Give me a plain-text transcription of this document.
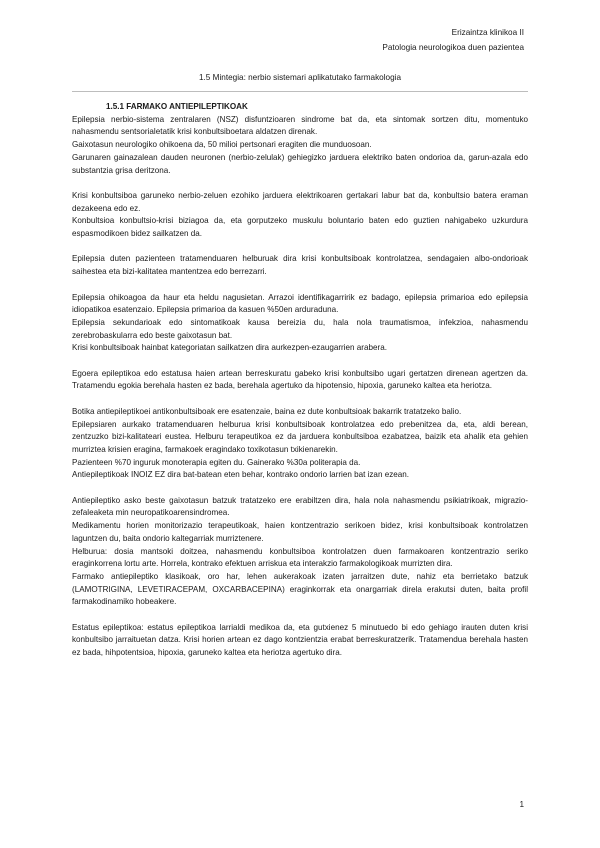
Erizaintza klinikoa II
Patologia neurologikoa duen pazientea
1.5 Mintegia: nerbio sistemari aplikatutako farmakologia
1.5.1 FARMAKO ANTIEPILEPTIKOAK

Epilepsia nerbio-sistema zentralaren (NSZ) disfuntzioaren sindrome bat da, eta sintomak sortzen ditu, momentuko nahasmendu sentsorialetatik krisi konbultsiboetara aldatzen direnak.

Gaixotasun neurologiko ohikoena da, 50 milioi pertsonari eragiten die munduosoan.

Garunaren gainazalean dauden neuronen (nerbio-zelulak) gehiegizko jarduera elektriko baten ondorioa da, garun-azala edo substantzia grisa deritzona.

Krisi konbultsiboa garuneko nerbio-zeluen ezohiko jarduera elektrikoaren gertakari labur bat da, konbultsio batera eraman dezakeena edo ez.

Konbultsioa konbultsio-krisi biziagoa da, eta gorputzeko muskulu boluntario baten edo guztien nahigabeko uzkurdura espasmodikoen bidez sailkatzen da.

Epilepsia duten pazienteen tratamenduaren helburuak dira krisi konbultsiboak kontrolatzea, sendagaien albo-ondorioak saihestea eta bizi-kalitatea mantentzea edo berrezarri.

Epilepsia ohikoagoa da haur eta heldu nagusietan. Arrazoi identifikagarririk ez badago, epilepsia primarioa edo epilepsia idiopatikoa esatenzaio. Epilepsia primarioa da kasuen %50en arduraduna.

Epilepsia sekundarioak edo sintomatikoak kausa bereizia du, hala nola traumatismoa, infekzioa, nahasmendu zerebrobaskularra edo beste gaixotasun bat.

Krisi konbultsiboak hainbat kategoriatan sailkatzen dira aurkezpen-ezaugarrien arabera.

Egoera epileptikoa edo estatusa haien artean berreskuratu gabeko krisi konbultsibo ugari gertatzen direnean agertzen da. Tratamendu egokia berehala hasten ez bada, berehala agertuko da hipotensio, hipoxia, garuneko kaltea eta heriotza.

Botika antiepileptikoei antikonbultsiboak ere esatenzaie, baina ez dute konbultsioak bakarrik tratatzeko balio.

Epilepsiaren aurkako tratamenduaren helburua krisi konbultsiboak kontrolatzea edo prebenitzea da, eta, aldi berean, zentzuzko bizi-kalitateari eustea. Helburu terapeutikoa ez da jarduera konbultsiboa ezabatzea, baizik eta ahalik eta gehien murriztea krisien eragina, farmakoek eragindako toxikotasun txikienarekin.

Pazienteen %70 inguruk monoterapia egiten du. Gainerako %30a politerapia da.

Antiepileptikoak INOIZ EZ dira bat-batean eten behar, kontrako ondorio larrien bat izan ezean.

Antiepileptiko asko beste gaixotasun batzuk tratatzeko ere erabiltzen dira, hala nola nahasmendu psikiatrikoak, migrazio-zefaleaketa min neuropatikoarensindromea.

Medikamentu horien monitorizazio terapeutikoak, haien kontzentrazio serikoen bidez, krisi konbultsiboak kontrolatzen laguntzen du, baita ondorio kaltegarriak murriztenere.

Helburua: dosia mantsoki doitzea, nahasmendu konbultsiboa kontrolatzen duen farmakoaren kontzentrazio seriko eraginkorrena lortu arte. Horrela, kontrako efektuen arriskua eta interakzio farmakologikoak murrizten dira.

Farmako antiepileptiko klasikoak, oro har, lehen aukerakoak izaten jarraitzen dute, nahiz eta berrietako batzuk (LAMOTRIGINA, LEVETIRACEPAM, OXCARBACEPINA) eraginkorrak eta onargarriak direla erakutsi duten, baita profil farmakodinamiko hobeakere.

Estatus epileptikoa: estatus epileptikoa larrialdi medikoa da, eta gutxienez 5 minutuedo bi edo gehiago irauten duten krisi konbultsibo jarraituetan datza. Krisi horien artean ez dago kontzientzia erabat berreskuratzerik. Tratamendua berehala hasten ez bada, hihpotentsioa, hipoxia, garuneko kaltea eta heriotza agertuko dira.

1
